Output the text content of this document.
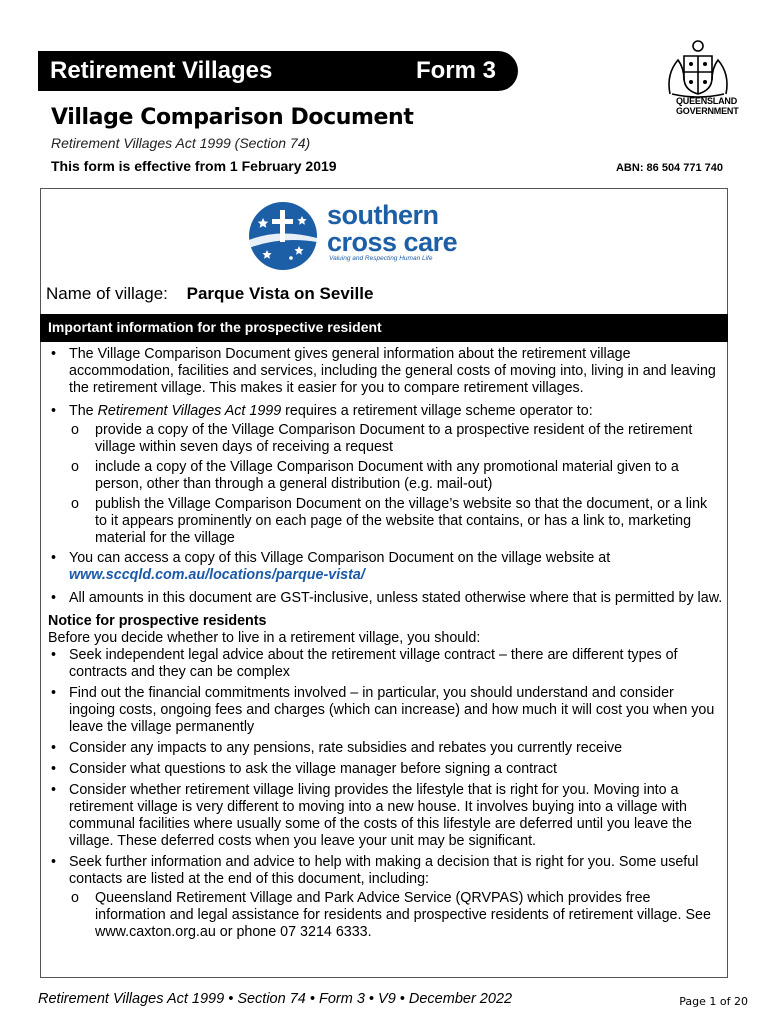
Retirement Villages	Form 3
QUEENSLAND
GOVERNMENT
Village Comparison Document
Retirement Villages Act 1999 (Section 74)
This form is effective from 1 February 2019	ABN: 86 504 771 740
southern
cross care
Valuing and Respecting Human Life
Name of village: Parque Vista on Seville
Important information for the prospective resident
• The Village Comparison Document gives general information about the retirement village accommodation, facilities and services, including the general costs of moving into, living in and leaving the retirement village. This makes it easier for you to compare retirement villages.
• The Retirement Villages Act 1999 requires a retirement village scheme operator to:
o provide a copy of the Village Comparison Document to a prospective resident of the retirement village within seven days of receiving a request
o include a copy of the Village Comparison Document with any promotional material given to a person, other than through a general distribution (e.g. mail-out)
o publish the Village Comparison Document on the village’s website so that the document, or a link to it appears prominently on each page of the website that contains, or has a link to, marketing material for the village
• You can access a copy of this Village Comparison Document on the village website at
www.sccqld.com.au/locations/parque-vista/
• All amounts in this document are GST-inclusive, unless stated otherwise where that is permitted by law.
Notice for prospective residents
Before you decide whether to live in a retirement village, you should:
• Seek independent legal advice about the retirement village contract – there are different types of contracts and they can be complex
• Find out the financial commitments involved – in particular, you should understand and consider ingoing costs, ongoing fees and charges (which can increase) and how much it will cost you when you leave the village permanently
• Consider any impacts to any pensions, rate subsidies and rebates you currently receive
• Consider what questions to ask the village manager before signing a contract
• Consider whether retirement village living provides the lifestyle that is right for you. Moving into a retirement village is very different to moving into a new house. It involves buying into a village with communal facilities where usually some of the costs of this lifestyle are deferred until you leave the village. These deferred costs when you leave your unit may be significant.
• Seek further information and advice to help with making a decision that is right for you. Some useful contacts are listed at the end of this document, including:
o Queensland Retirement Village and Park Advice Service (QRVPAS) which provides free information and legal assistance for residents and prospective residents of retirement village. See www.caxton.org.au or phone 07 3214 6333.
Retirement Villages Act 1999 • Section 74 • Form 3 • V9 • December 2022	Page 1 of 20
